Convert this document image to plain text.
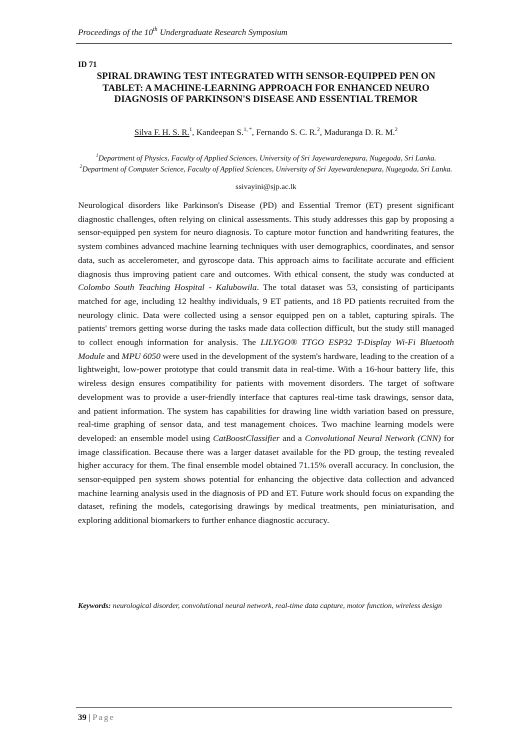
Proceedings of the 10th Undergraduate Research Symposium
ID 71
SPIRAL DRAWING TEST INTEGRATED WITH SENSOR-EQUIPPED PEN ON TABLET: A MACHINE-LEARNING APPROACH FOR ENHANCED NEURO DIAGNOSIS OF PARKINSON'S DISEASE AND ESSENTIAL TREMOR
Silva F. H. S. R.$^1$, Kandeepan S.$^{1, *}$, Fernando S. C. R.$^2$, Maduranga D. R. M.$^2$
$^1$Department of Physics, Faculty of Applied Sciences, University of Sri Jayewardenepura, Nugegoda, Sri Lanka.
$^2$Department of Computer Science, Faculty of Applied Sciences, University of Sri Jayewardenepura, Nugegoda, Sri Lanka.
ssivayini@sjp.ac.lk
Neurological disorders like Parkinson's Disease (PD) and Essential Tremor (ET) present significant diagnostic challenges, often relying on clinical assessments. This study addresses this gap by proposing a sensor-equipped pen system for neuro diagnosis. To capture motor function and handwriting features, the system combines advanced machine learning techniques with user demographics, coordinates, and sensor data, such as accelerometer, and gyroscope data. This approach aims to facilitate accurate and efficient diagnosis thus improving patient care and outcomes. With ethical consent, the study was conducted at Colombo South Teaching Hospital - Kalubowila. The total dataset was 53, consisting of participants matched for age, including 12 healthy individuals, 9 ET patients, and 18 PD patients recruited from the neurology clinic. Data were collected using a sensor equipped pen on a tablet, capturing spirals. The patients' tremors getting worse during the tasks made data collection difficult, but the study still managed to collect enough information for analysis. The LILYGO® TTGO ESP32 T-Display Wi-Fi Bluetooth Module and MPU 6050 were used in the development of the system's hardware, leading to the creation of a lightweight, low-power prototype that could transmit data in real-time. With a 16-hour battery life, this wireless design ensures compatibility for patients with movement disorders. The target of software development was to provide a user-friendly interface that captures real-time task drawings, sensor data, and patient information. The system has capabilities for drawing line width variation based on pressure, real-time graphing of sensor data, and test management choices. Two machine learning models were developed: an ensemble model using CatBoostClassifier and a Convolutional Neural Network (CNN) for image classification. Because there was a larger dataset available for the PD group, the testing revealed higher accuracy for them. The final ensemble model obtained 71.15% overall accuracy. In conclusion, the sensor-equipped pen system shows potential for enhancing the objective data collection and advanced machine learning analysis used in the diagnosis of PD and ET. Future work should focus on expanding the dataset, refining the models, categorising drawings by medical treatments, pen miniaturisation, and exploring additional biomarkers to further enhance diagnostic accuracy.
Keywords: neurological disorder, convolutional neural network, real-time data capture, motor function, wireless design
39 | Page
